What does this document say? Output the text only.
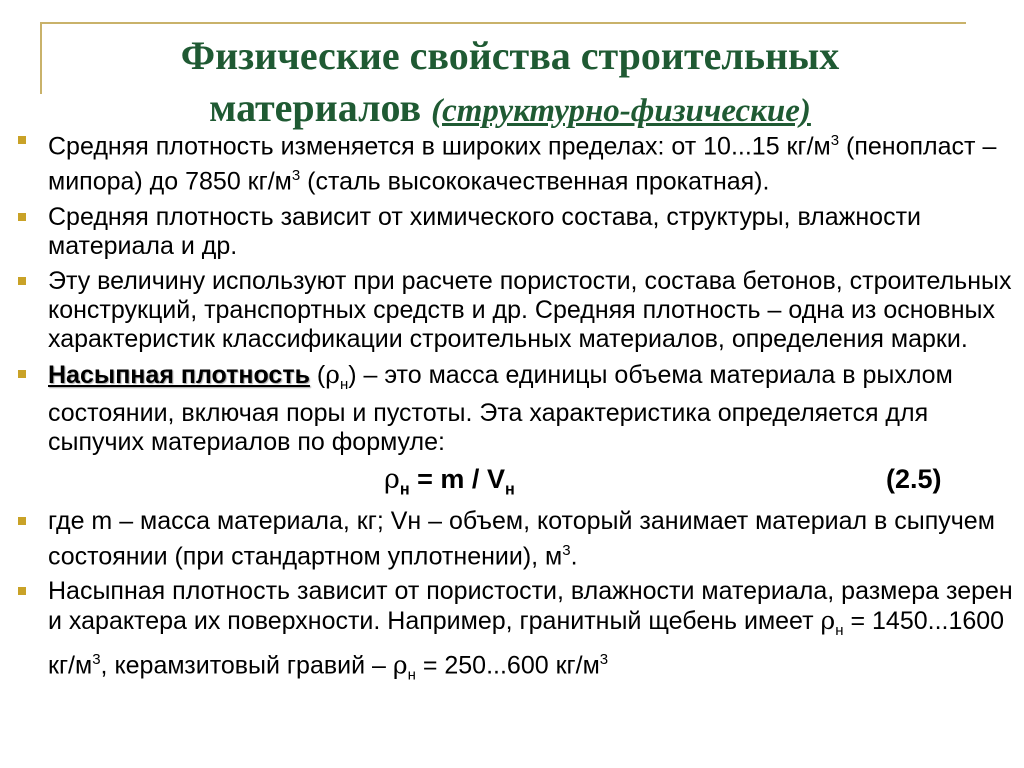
Физические свойства строительных
материалов (структурно-физические)
Средняя плотность изменяется в широких пределах: от 10...15 $кг/м^3$ (пенопласт –мипора) до 7850 $кг/м^3$ (сталь высококачественная прокатная).
Средняя плотность зависит от химического состава, структуры, влажности материала и др.
Эту величину используют при расчете пористости, состава бетонов, строительных конструкций, транспортных средств и др. Средняя плотность – одна из основных характеристик классификации строительных материалов, определения марки.
Насыпная плотность $(\rho_н)$ – это масса единицы объема материала в рыхлом состоянии, включая поры и пустоты. Эта характеристика определяется для сыпучих материалов по формуле:
$\rho_н = m / V_н$	(2.5)
где m – масса материала, кг; Vн – объем, который занимает материал в сыпучем состоянии (при стандартном уплотнении), $м^3$.
Насыпная плотность зависит от пористости, влажности материала, размера зерен и характера их поверхности. Например, гранитный щебень имеет $\rho_н = 1450...1600$ $кг/м^3$, керамзитовый гравий – $\rho_н = 250...600$ $кг/м^3$
